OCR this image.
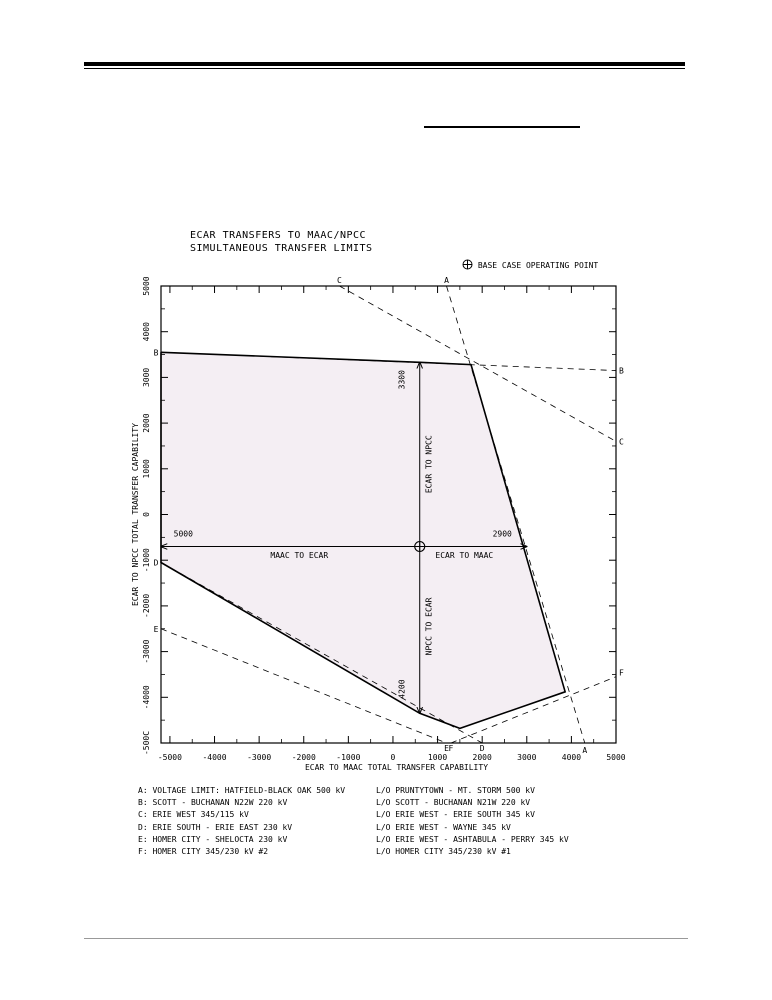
ECAR TRANSFERS TO MAAC/NPCC
SIMULTANEOUS TRANSFER LIMITS
BASE CASE OPERATING POINT
-5000	-4000	-3000	-2000	-1000	0	1000	2000	3000	4000	5000
-500C
-4000
-3000
-2000
-1000
0
1000
2000
3000
4000
5000
ECAR TO MAAC TOTAL TRANSFER CAPABILITY
ECAR TO NPCC TOTAL TRANSFER CAPABILITY
A
A
B
B
C
C
D
D
E
E
F
F
5000	2900
MAAC TO ECAR	ECAR TO MAAC
3300
ECAR TO NPCC
NPCC TO ECAR
4200
A: VOLTAGE LIMIT: HATFIELD-BLACK OAK 500 kV	L/O PRUNTYTOWN - MT. STORM 500 kV
B: SCOTT - BUCHANAN N22W 220 kV	L/O SCOTT - BUCHANAN N21W 220 kV
C: ERIE WEST 345/115 kV	L/O ERIE WEST - ERIE SOUTH 345 kV
D: ERIE SOUTH - ERIE EAST 230 kV	L/O ERIE WEST - WAYNE 345 kV
E: HOMER CITY - SHELOCTA 230 kV	L/O ERIE WEST - ASHTABULA - PERRY 345 kV
F: HOMER CITY 345/230 kV #2	L/O HOMER CITY 345/230 kV #1
